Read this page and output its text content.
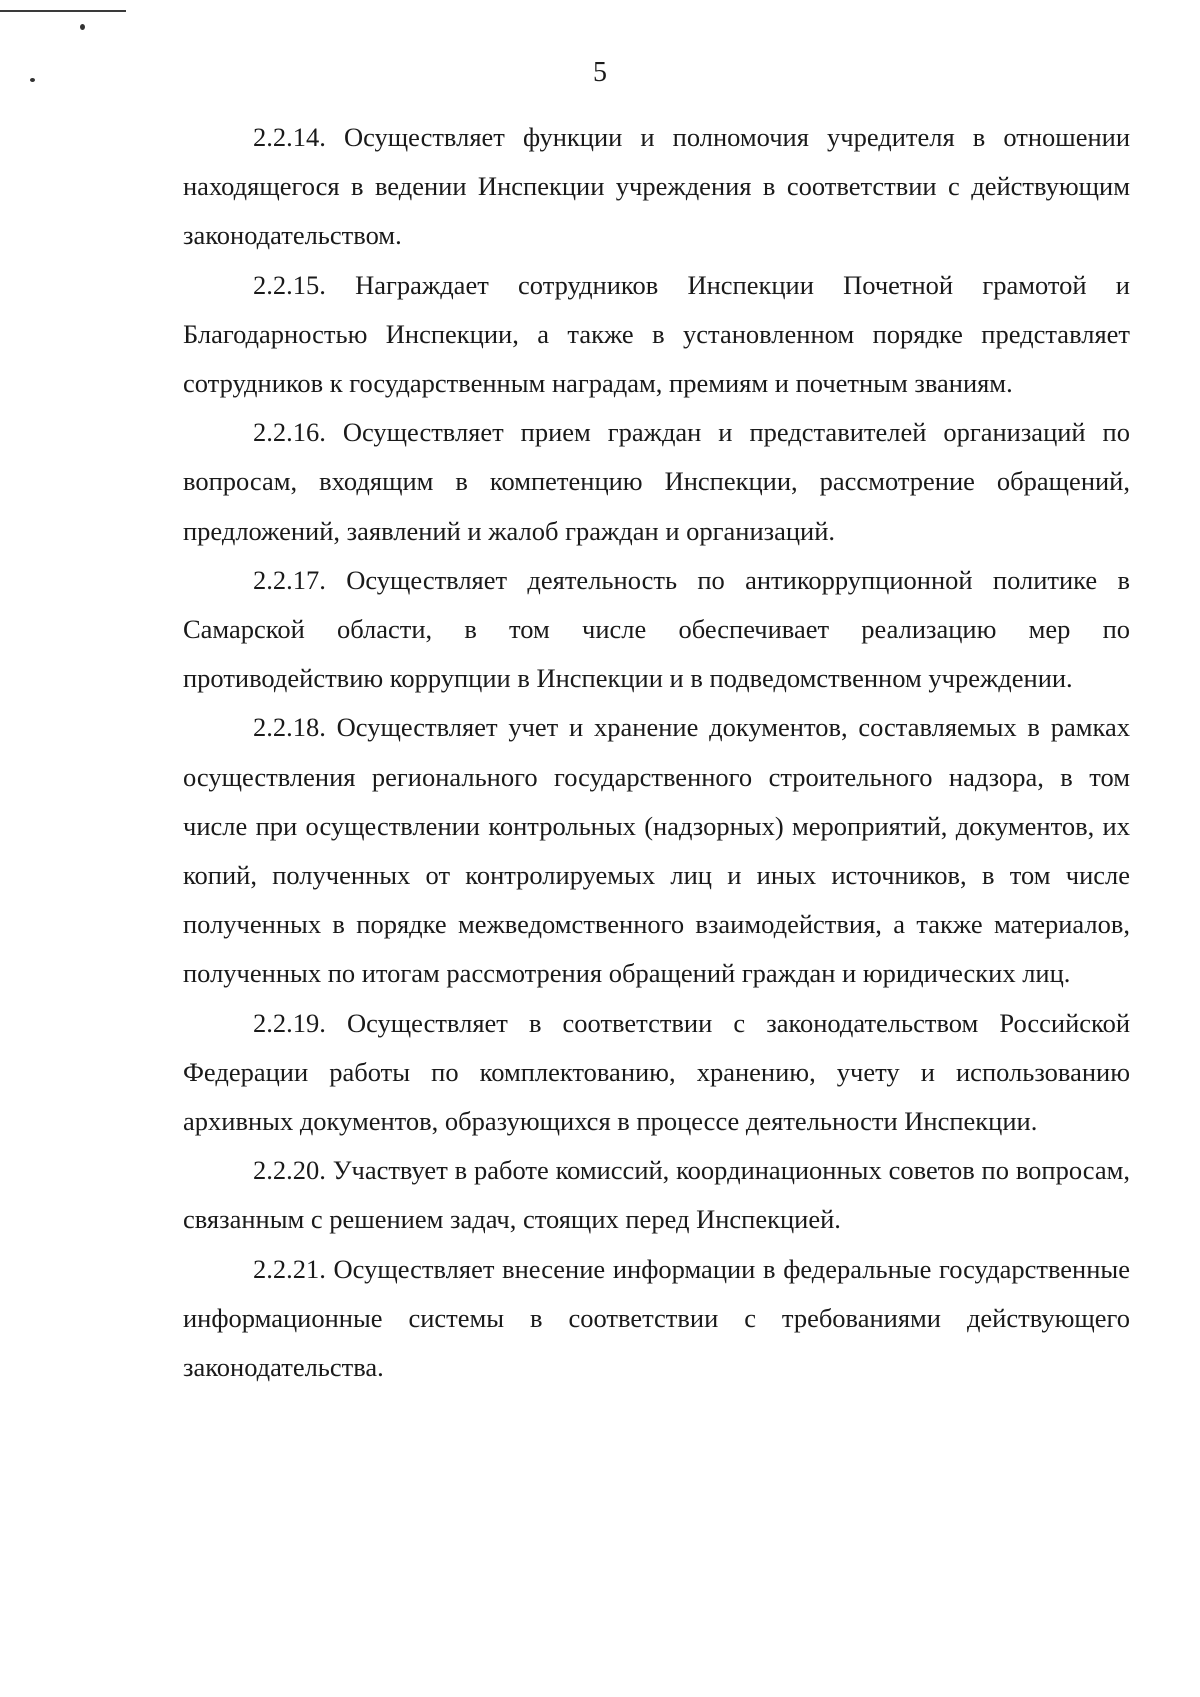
5

2.2.14. Осуществляет функции и полномочия учредителя в отношении находящегося в ведении Инспекции учреждения в соответствии с действующим законодательством.

2.2.15. Награждает сотрудников Инспекции Почетной грамотой и Благодарностью Инспекции, а также в установленном порядке представляет сотрудников к государственным наградам, премиям и почетным званиям.

2.2.16. Осуществляет прием граждан и представителей организаций по вопросам, входящим в компетенцию Инспекции, рассмотрение обращений, предложений, заявлений и жалоб граждан и организаций.

2.2.17. Осуществляет деятельность по антикоррупционной политике в Самарской области, в том числе обеспечивает реализацию мер по противодействию коррупции в Инспекции и в подведомственном учреждении.

2.2.18. Осуществляет учет и хранение документов, составляемых в рамках осуществления регионального государственного строительного надзора, в том числе при осуществлении контрольных (надзорных) мероприятий, документов, их копий, полученных от контролируемых лиц и иных источников, в том числе полученных в порядке межведомственного взаимодействия, а также материалов, полученных по итогам рассмотрения обращений граждан и юридических лиц.

2.2.19. Осуществляет в соответствии с законодательством Российской Федерации работы по комплектованию, хранению, учету и использованию архивных документов, образующихся в процессе деятельности Инспекции.

2.2.20. Участвует в работе комиссий, координационных советов по вопросам, связанным с решением задач, стоящих перед Инспекцией.

2.2.21. Осуществляет внесение информации в федеральные государственные информационные системы в соответствии с требованиями действующего законодательства.
